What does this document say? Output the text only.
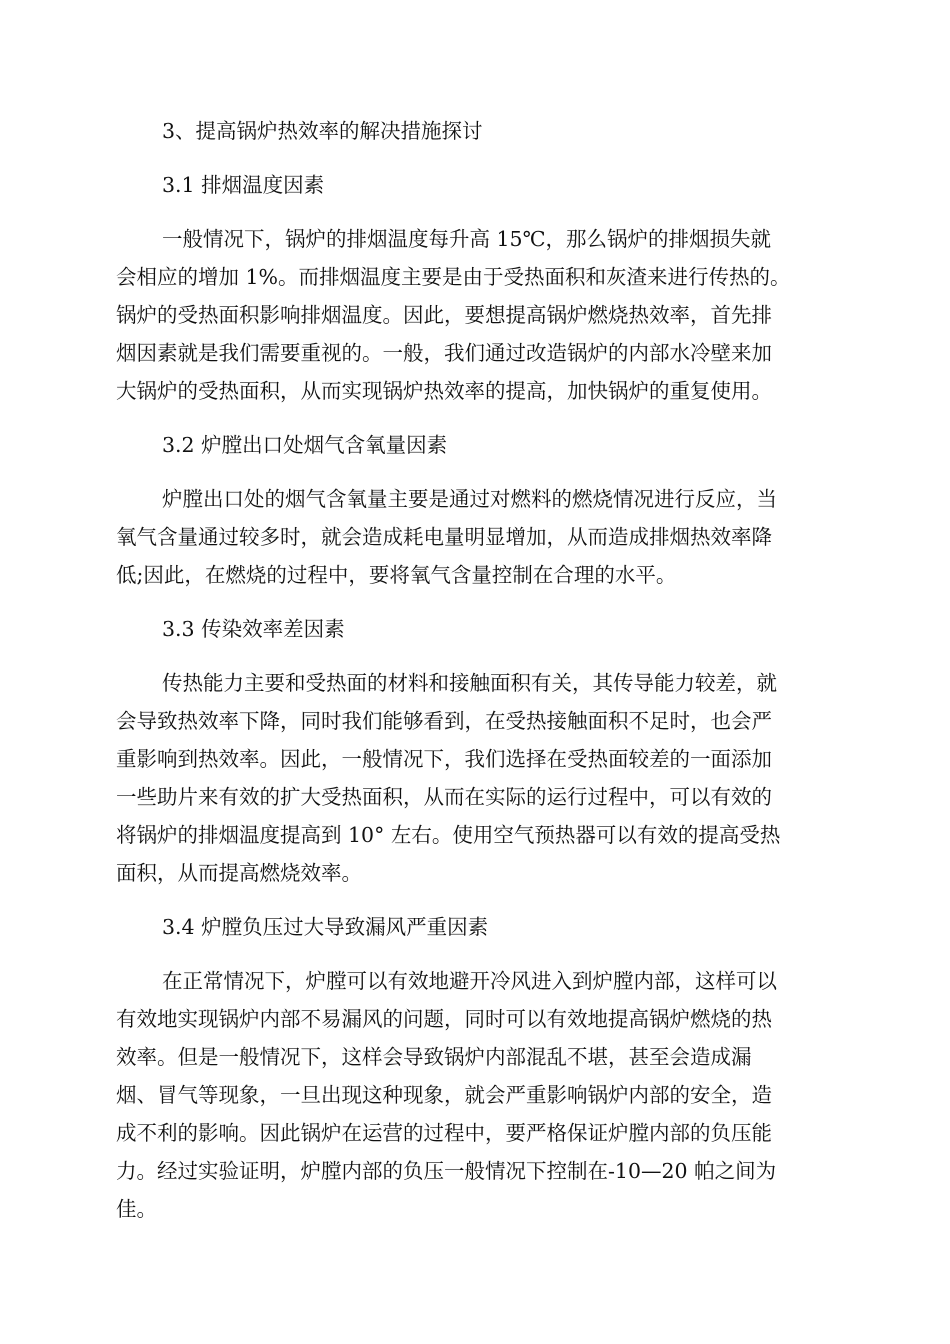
3、提高锅炉热效率的解决措施探讨
3.1 排烟温度因素

一般情况下，锅炉的排烟温度每升高 15℃，那么锅炉的排烟损失就
会相应的增加 1%。而排烟温度主要是由于受热面积和灰渣来进行传热的。
锅炉的受热面积影响排烟温度。因此，要想提高锅炉燃烧热效率，首先排
烟因素就是我们需要重视的。一般，我们通过改造锅炉的内部水冷壁来加
大锅炉的受热面积，从而实现锅炉热效率的提高，加快锅炉的重复使用。

3.2 炉膛出口处烟气含氧量因素

炉膛出口处的烟气含氧量主要是通过对燃料的燃烧情况进行反应，当
氧气含量通过较多时，就会造成耗电量明显增加，从而造成排烟热效率降
低;因此，在燃烧的过程中，要将氧气含量控制在合理的水平。

3.3 传染效率差因素

传热能力主要和受热面的材料和接触面积有关，其传导能力较差，就
会导致热效率下降，同时我们能够看到，在受热接触面积不足时，也会严
重影响到热效率。因此，一般情况下，我们选择在受热面较差的一面添加
一些助片来有效的扩大受热面积，从而在实际的运行过程中，可以有效的
将锅炉的排烟温度提高到 10° 左右。使用空气预热器可以有效的提高受热
面积，从而提高燃烧效率。

3.4 炉膛负压过大导致漏风严重因素

在正常情况下，炉膛可以有效地避开冷风进入到炉膛内部，这样可以
有效地实现锅炉内部不易漏风的问题，同时可以有效地提高锅炉燃烧的热
效率。但是一般情况下，这样会导致锅炉内部混乱不堪，甚至会造成漏
烟、冒气等现象，一旦出现这种现象，就会严重影响锅炉内部的安全，造
成不利的影响。因此锅炉在运营的过程中，要严格保证炉膛内部的负压能
力。经过实验证明，炉膛内部的负压一般情况下控制在-10—20 帕之间为
佳。
